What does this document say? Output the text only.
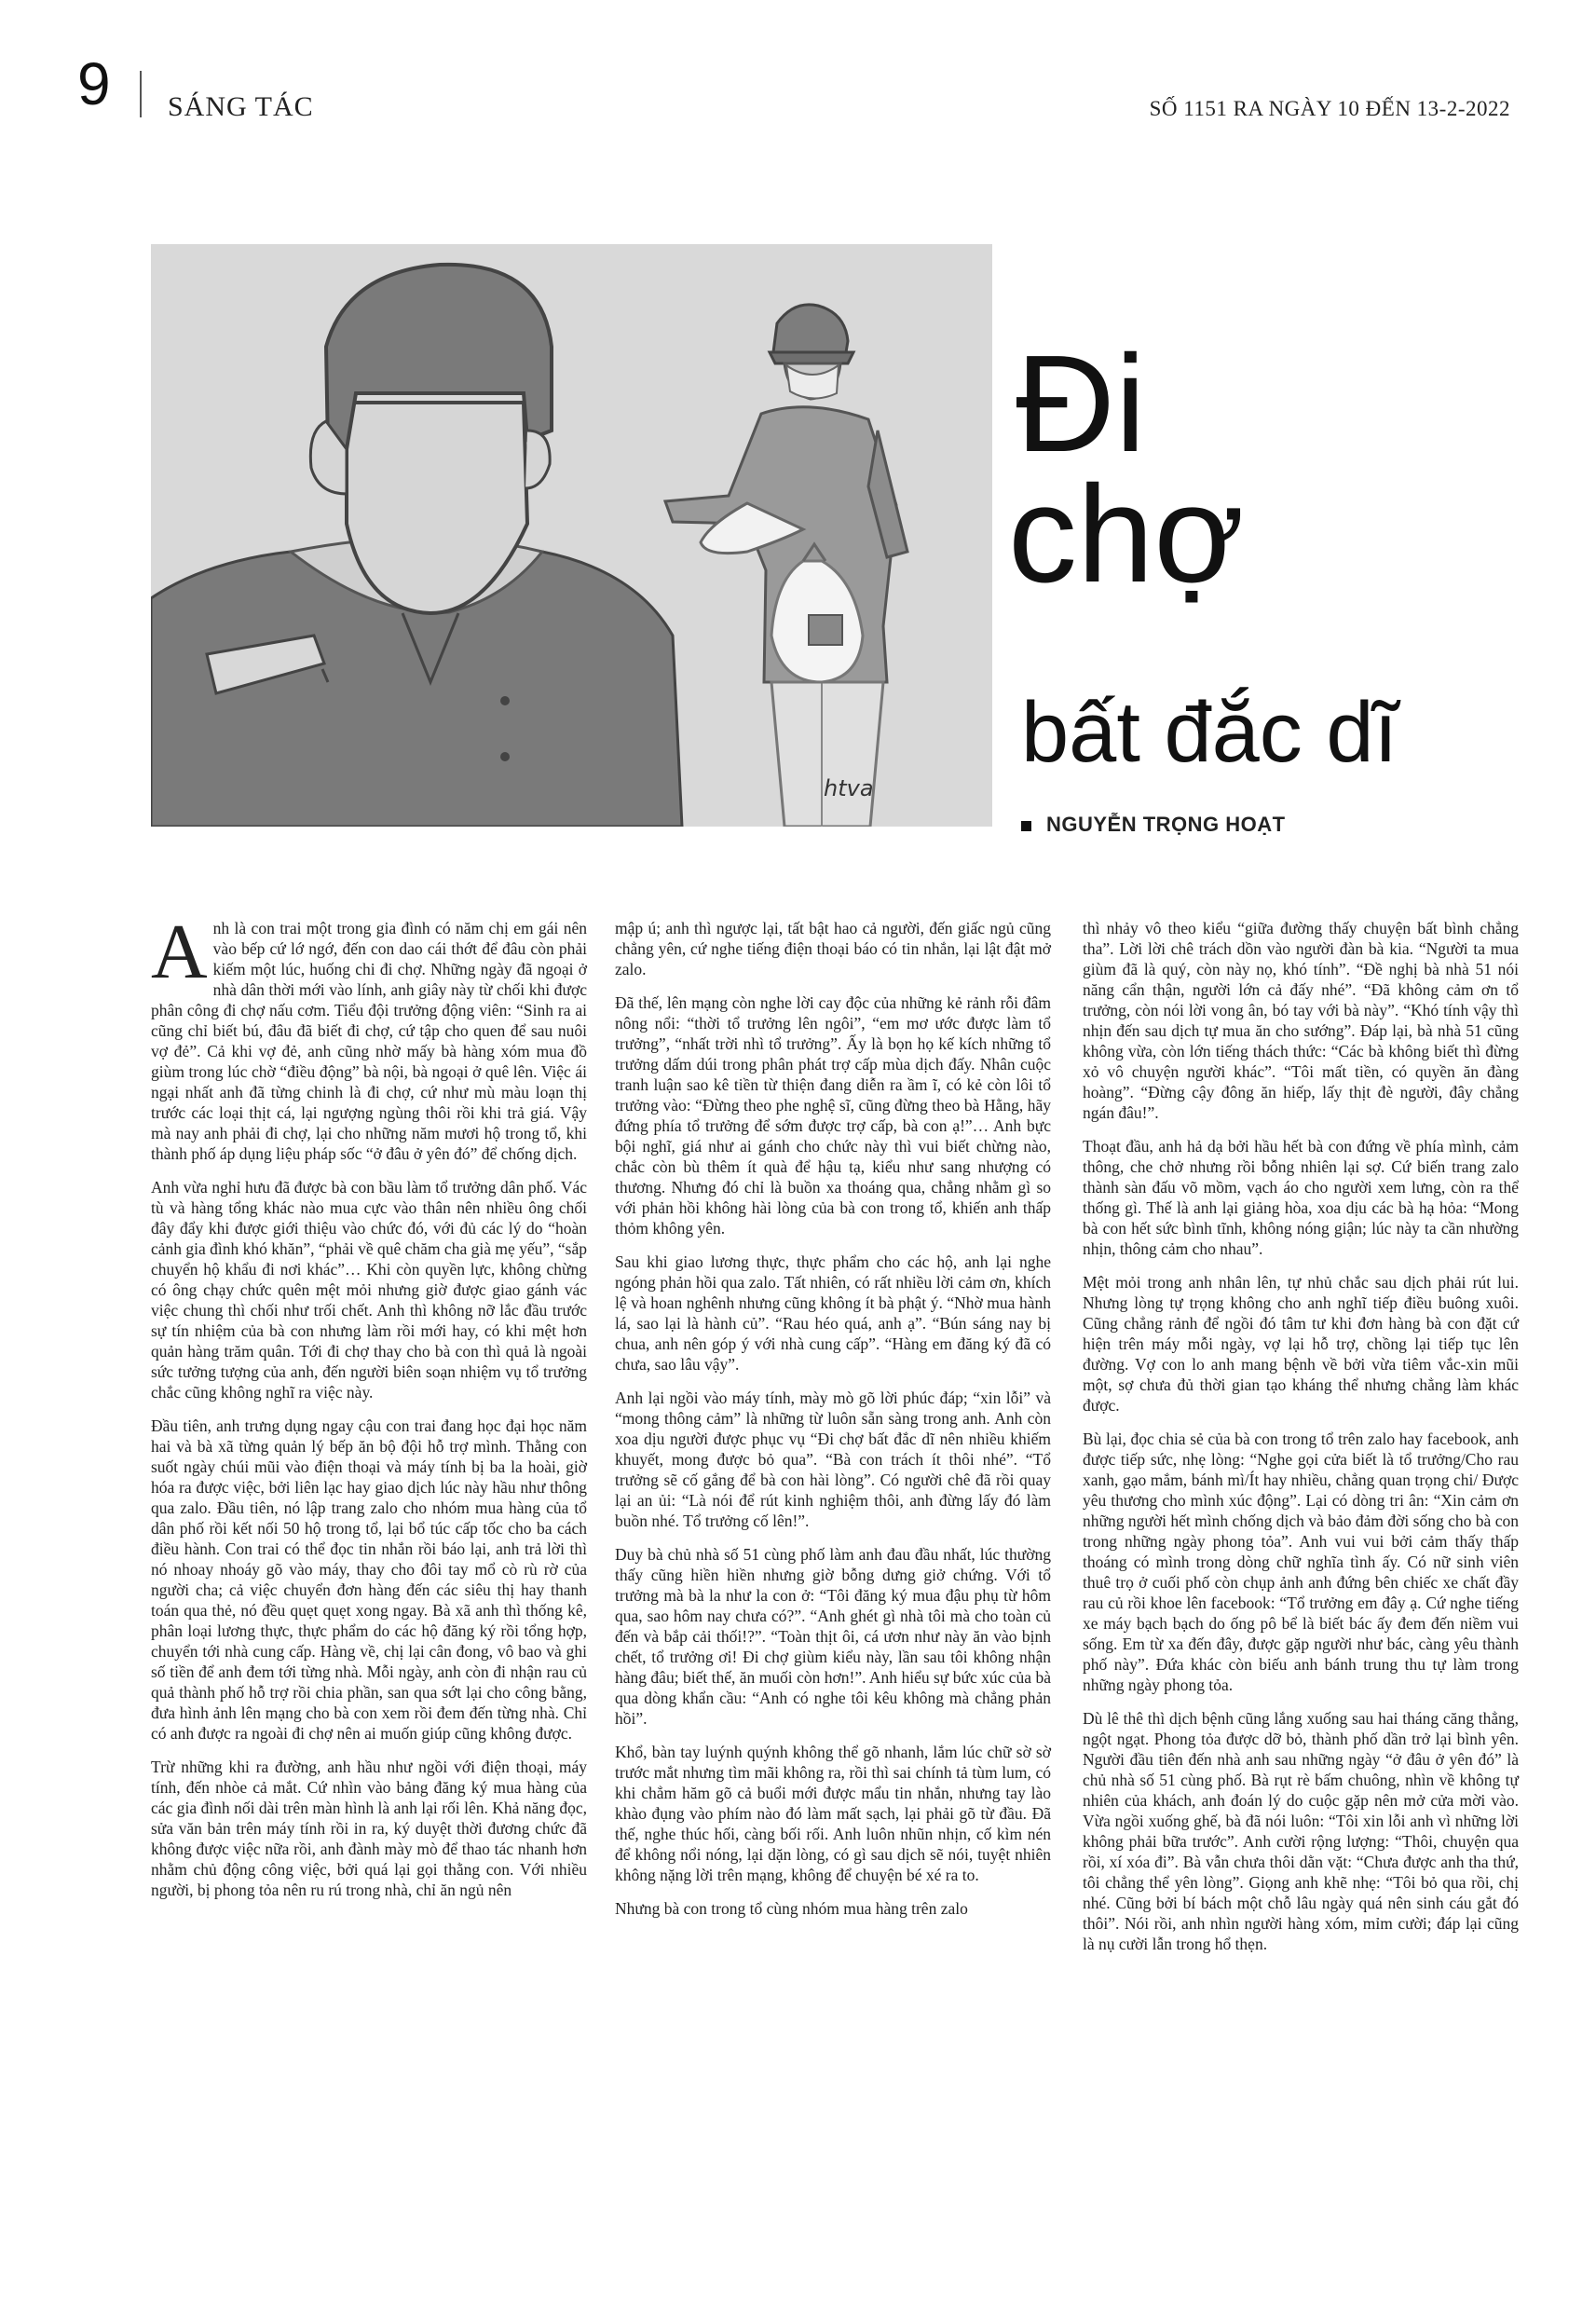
9 SÁNG TÁC	SỐ 1151 RA NGÀY 10 ĐẾN 13-2-2022
htva
Đi
chợ
bất đắc dĩ
NGUYỄN TRỌNG HOẠT

Anh là con trai một trong gia đình có năm chị em gái nên vào bếp cứ lớ ngớ, đến con dao cái thớt để đâu còn phải kiếm một lúc, huống chi đi chợ. Những ngày đã ngoại ở nhà dân thời mới vào lính, anh giây này từ chối khi được phân công đi chợ nấu cơm. Tiểu đội trưởng động viên: “Sinh ra ai cũng chỉ biết bú, đâu đã biết đi chợ, cứ tập cho quen để sau nuôi vợ đẻ”. Cả khi vợ đẻ, anh cũng nhờ mấy bà hàng xóm mua đồ giùm trong lúc chờ “điều động” bà nội, bà ngoại ở quê lên. Việc ái ngại nhất anh đã từng chinh là đi chợ, cứ như mù màu loạn thị trước các loại thịt cá, lại ngượng ngùng thôi rồi khi trả giá. Vậy mà nay anh phải đi chợ, lại cho những năm mươi hộ trong tổ, khi thành phố áp dụng liệu pháp sốc “ở đâu ở yên đó” để chống dịch.

Anh vừa nghỉ hưu đã được bà con bầu làm tổ trưởng dân phố. Vác tù và hàng tổng khác nào mua cực vào thân nên nhiều ông chối đây đẩy khi được giới thiệu vào chức đó, với đủ các lý do “hoàn cảnh gia đình khó khăn”, “phải về quê chăm cha già mẹ yếu”, “sắp chuyển hộ khẩu đi nơi khác”… Khi còn quyền lực, không chừng có ông chạy chức quên mệt mỏi nhưng giờ được giao gánh vác việc chung thì chối như trối chết. Anh thì không nỡ lắc đầu trước sự tín nhiệm của bà con nhưng làm rồi mới hay, có khi mệt hơn quản hàng trăm quân. Tới đi chợ thay cho bà con thì quả là ngoài sức tưởng tượng của anh, đến người biên soạn nhiệm vụ tổ trưởng chắc cũng không nghĩ ra việc này.

Đầu tiên, anh trưng dụng ngay cậu con trai đang học đại học năm hai và bà xã từng quản lý bếp ăn bộ đội hỗ trợ mình. Thằng con suốt ngày chúi mũi vào điện thoại và máy tính bị ba la hoài, giờ hóa ra được việc, bởi liên lạc hay giao dịch lúc này hầu như thông qua zalo. Đầu tiên, nó lập trang zalo cho nhóm mua hàng của tổ dân phố rồi kết nối 50 hộ trong tổ, lại bổ túc cấp tốc cho ba cách điều hành. Con trai có thể đọc tin nhắn rồi báo lại, anh trả lời thì nó nhoay nhoáy gõ vào máy, thay cho đôi tay mổ cò rù rờ của người cha; cả việc chuyển đơn hàng đến các siêu thị hay thanh toán qua thẻ, nó đều quẹt quẹt xong ngay. Bà xã anh thì thống kê, phân loại lương thực, thực phẩm do các hộ đăng ký rồi tổng hợp, chuyển tới nhà cung cấp. Hàng về, chị lại cân đong, vô bao và ghi số tiền để anh đem tới từng nhà. Mỗi ngày, anh còn đi nhận rau củ quả thành phố hỗ trợ rồi chia phần, san qua sớt lại cho công bằng, đưa hình ảnh lên mạng cho bà con xem rồi đem đến từng nhà. Chỉ có anh được ra ngoài đi chợ nên ai muốn giúp cũng không được.

Trừ những khi ra đường, anh hầu như ngồi với điện thoại, máy tính, đến nhòe cả mắt. Cứ nhìn vào bảng đăng ký mua hàng của các gia đình nối dài trên màn hình là anh lại rối lên. Khả năng đọc, sửa văn bản trên máy tính rồi in ra, ký duyệt thời đương chức đã không được việc nữa rồi, anh đành mày mò để thao tác nhanh hơn nhằm chủ động công việc, bởi quá lại gọi thằng con. Với nhiều người, bị phong tỏa nên ru rú trong nhà, chỉ ăn ngủ nên

mập ú; anh thì ngược lại, tất bật hao cả người, đến giấc ngủ cũng chẳng yên, cứ nghe tiếng điện thoại báo có tin nhắn, lại lật đật mở zalo.

Đã thế, lên mạng còn nghe lời cay độc của những kẻ rảnh rỗi đâm nông nổi: “thời tổ trưởng lên ngôi”, “em mơ ước được làm tổ trưởng”, “nhất trời nhì tổ trưởng”. Ấy là bọn họ kế kích những tổ trưởng dấm dúi trong phân phát trợ cấp mùa dịch đấy. Nhân cuộc tranh luận sao kê tiền từ thiện đang diễn ra ầm ĩ, có kẻ còn lôi tổ trưởng vào: “Đừng theo phe nghệ sĩ, cũng đừng theo bà Hằng, hãy đứng phía tổ trưởng để sớm được trợ cấp, bà con ạ!”… Anh bực bội nghĩ, giá như ai gánh cho chức này thì vui biết chừng nào, chắc còn bù thêm ít quà để hậu tạ, kiểu như sang nhượng có thương. Nhưng đó chỉ là buồn xa thoáng qua, chẳng nhằm gì so với phản hồi không hài lòng của bà con trong tổ, khiến anh thấp thỏm không yên.

Sau khi giao lương thực, thực phẩm cho các hộ, anh lại nghe ngóng phản hồi qua zalo. Tất nhiên, có rất nhiều lời cảm ơn, khích lệ và hoan nghênh nhưng cũng không ít bà phật ý. “Nhờ mua hành lá, sao lại là hành củ”. “Rau héo quá, anh ạ”. “Bún sáng nay bị chua, anh nên góp ý với nhà cung cấp”. “Hàng em đăng ký đã có chưa, sao lâu vậy”.

Anh lại ngồi vào máy tính, mày mò gõ lời phúc đáp; “xin lỗi” và “mong thông cảm” là những từ luôn sẵn sàng trong anh. Anh còn xoa dịu người được phục vụ “Đi chợ bất đắc dĩ nên nhiều khiếm khuyết, mong được bỏ qua”. “Bà con trách ít thôi nhé”. “Tổ trưởng sẽ cố gắng để bà con hài lòng”. Có người chê đã rồi quay lại an ủi: “Là nói để rút kinh nghiệm thôi, anh đừng lấy đó làm buồn nhé. Tổ trưởng cố lên!”.

Duy bà chủ nhà số 51 cùng phố làm anh đau đầu nhất, lúc thường thấy cũng hiền hiền nhưng giờ bỗng dưng giở chứng. Với tổ trưởng mà bà la như la con ở: “Tôi đăng ký mua đậu phụ từ hôm qua, sao hôm nay chưa có?”. “Anh ghét gì nhà tôi mà cho toàn củ đến và bắp cải thối!?”. “Toàn thịt ôi, cá ươn như này ăn vào bịnh chết, tổ trưởng ơi! Đi chợ giùm kiểu này, lần sau tôi không nhận hàng đâu; biết thế, ăn muối còn hơn!”. Anh hiểu sự bức xúc của bà qua dòng khẩn cầu: “Anh có nghe tôi kêu không mà chẳng phản hồi”.

Khổ, bàn tay luýnh quýnh không thể gõ nhanh, lắm lúc chữ sờ sờ trước mắt nhưng tìm mãi không ra, rồi thì sai chính tả tùm lum, có khi chẳm hăm gõ cả buổi mới được mẩu tin nhắn, nhưng tay lào khào đụng vào phím nào đó làm mất sạch, lại phải gõ từ đầu. Đã thế, nghe thúc hối, càng bối rối. Anh luôn nhũn nhịn, cố kìm nén để không nổi nóng, lại dặn lòng, có gì sau dịch sẽ nói, tuyệt nhiên không nặng lời trên mạng, không để chuyện bé xé ra to.

Nhưng bà con trong tổ cùng nhóm mua hàng trên zalo

thì nhảy vô theo kiểu “giữa đường thấy chuyện bất bình chẳng tha”. Lời lời chê trách dồn vào người đàn bà kia. “Người ta mua giùm đã là quý, còn này nọ, khó tính”. “Đề nghị bà nhà 51 nói năng cẩn thận, người lớn cả đấy nhé”. “Đã không cảm ơn tổ trưởng, còn nói lời vong ân, bó tay với bà này”. “Khó tính vậy thì nhịn đến sau dịch tự mua ăn cho sướng”. Đáp lại, bà nhà 51 cũng không vừa, còn lớn tiếng thách thức: “Các bà không biết thì đừng xỏ vô chuyện người khác”. “Tôi mất tiền, có quyền ăn đàng hoàng”. “Đừng cậy đông ăn hiếp, lấy thịt đè người, đây chẳng ngán đâu!”.

Thoạt đầu, anh hả dạ bởi hầu hết bà con đứng về phía mình, cảm thông, che chở nhưng rồi bỗng nhiên lại sợ. Cứ biến trang zalo thành sàn đấu võ mồm, vạch áo cho người xem lưng, còn ra thể thống gì. Thế là anh lại giảng hòa, xoa dịu các bà hạ hỏa: “Mong bà con hết sức bình tĩnh, không nóng giận; lúc này ta cần nhường nhịn, thông cảm cho nhau”.

Mệt mỏi trong anh nhân lên, tự nhủ chắc sau dịch phải rút lui. Nhưng lòng tự trọng không cho anh nghĩ tiếp điều buông xuôi. Cũng chẳng rảnh để ngồi đó tâm tư khi đơn hàng bà con đặt cứ hiện trên máy mỗi ngày, vợ lại hỗ trợ, chồng lại tiếp tục lên đường. Vợ con lo anh mang bệnh về bởi vừa tiêm vắc-xin mũi một, sợ chưa đủ thời gian tạo kháng thể nhưng chẳng làm khác được.

Bù lại, đọc chia sẻ của bà con trong tổ trên zalo hay facebook, anh được tiếp sức, nhẹ lòng: “Nghe gọi cửa biết là tổ trưởng/Cho rau xanh, gạo mắm, bánh mì/Ít hay nhiều, chẳng quan trọng chi/ Được yêu thương cho mình xúc động”. Lại có dòng tri ân: “Xin cảm ơn những người hết mình chống dịch và bảo đảm đời sống cho bà con trong những ngày phong tỏa”. Anh vui vui bởi cảm thấy thấp thoáng có mình trong dòng chữ nghĩa tình ấy. Có nữ sinh viên thuê trọ ở cuối phố còn chụp ảnh anh đứng bên chiếc xe chất đầy rau củ rồi khoe lên facebook: “Tổ trưởng em đây ạ. Cứ nghe tiếng xe máy bạch bạch do ống pô bể là biết bác ấy đem đến niềm vui sống. Em từ xa đến đây, được gặp người như bác, càng yêu thành phố này”. Đứa khác còn biếu anh bánh trung thu tự làm trong những ngày phong tỏa.

Dù lê thê thì dịch bệnh cũng lắng xuống sau hai tháng căng thẳng, ngột ngạt. Phong tỏa được dỡ bỏ, thành phố dần trở lại bình yên. Người đầu tiên đến nhà anh sau những ngày “ở đâu ở yên đó” là chủ nhà số 51 cùng phố. Bà rụt rè bấm chuông, nhìn về không tự nhiên của khách, anh đoán lý do cuộc gặp nên mở cửa mời vào. Vừa ngồi xuống ghế, bà đã nói luôn: “Tôi xin lỗi anh vì những lời không phải bữa trước”. Anh cười rộng lượng: “Thôi, chuyện qua rồi, xí xóa đi”. Bà vẫn chưa thôi dằn vặt: “Chưa được anh tha thứ, tôi chẳng thể yên lòng”. Giọng anh khẽ nhẹ: “Tôi bỏ qua rồi, chị nhé. Cũng bởi bí bách một chỗ lâu ngày quá nên sinh cáu gắt đó thôi”. Nói rồi, anh nhìn người hàng xóm, mỉm cười; đáp lại cũng là nụ cười lẫn trong hổ thẹn.
